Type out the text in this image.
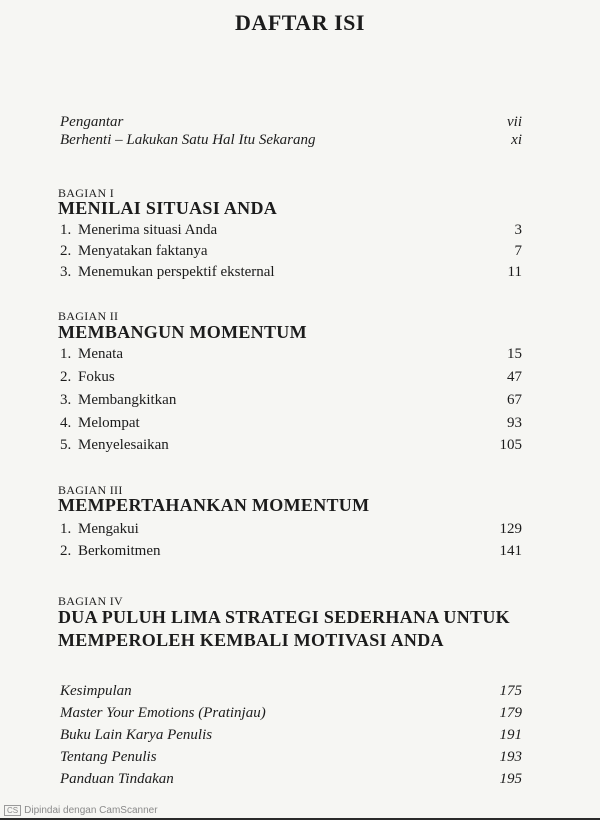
DAFTAR ISI
Pengantar	vii
Berhenti – Lakukan Satu Hal Itu Sekarang	xi
BAGIAN I
MENILAI SITUASI ANDA
1. Menerima situasi Anda	3
2. Menyatakan faktanya	7
3. Menemukan perspektif eksternal	11
BAGIAN II
MEMBANGUN MOMENTUM
1. Menata	15
2. Fokus	47
3. Membangkitkan	67
4. Melompat	93
5. Menyelesaikan	105
BAGIAN III
MEMPERTAHANKAN MOMENTUM
1. Mengakui	129
2. Berkomitmen	141
BAGIAN IV
DUA PULUH LIMA STRATEGI SEDERHANA UNTUK
MEMPEROLEH KEMBALI MOTIVASI ANDA
Kesimpulan	175
Master Your Emotions (Pratinjau)	179
Buku Lain Karya Penulis	191
Tentang Penulis	193
Panduan Tindakan	195
CS Dipindai dengan CamScanner
